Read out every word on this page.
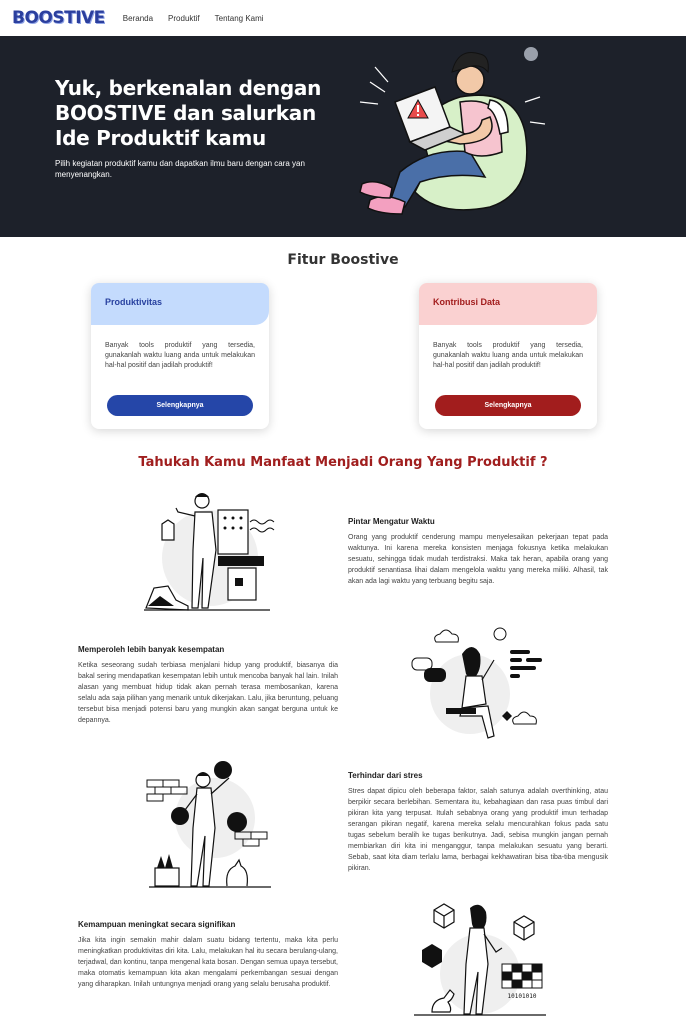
BOOSTIVE Beranda Produktif Tentang Kami
Yuk, berkenalan dengan BOOSTIVE dan salurkan Ide Produktif kamu
Pilih kegiatan produktif kamu dan dapatkan ilmu baru dengan cara yan menyenangkan.
Fitur Boostive
Produktivitas
Banyak tools produktif yang tersedia, gunakanlah waktu luang anda untuk melakukan hal-hal positif dan jadilah produktif!
Selengkapnya
Kontribusi Data
Banyak tools produktif yang tersedia, gunakanlah waktu luang anda untuk melakukan hal-hal positif dan jadilah produktif!
Selengkapnya
Tahukah Kamu Manfaat Menjadi Orang Yang Produktif ?
Pintar Mengatur Waktu
Orang yang produktif cenderung mampu menyelesaikan pekerjaan tepat pada waktunya. Ini karena mereka konsisten menjaga fokusnya ketika melakukan sesuatu, sehingga tidak mudah terdistraksi. Maka tak heran, apabila orang yang produktif senantiasa lihai dalam mengelola waktu yang mereka miliki. Alhasil, tak akan ada lagi waktu yang terbuang begitu saja.
Memperoleh lebih banyak kesempatan
Ketika seseorang sudah terbiasa menjalani hidup yang produktif, biasanya dia bakal sering mendapatkan kesempatan lebih untuk mencoba banyak hal lain. Inilah alasan yang membuat hidup tidak akan pernah terasa membosankan, karena selalu ada saja pilihan yang menarik untuk dikerjakan. Lalu, jika beruntung, peluang tersebut bisa menjadi potensi baru yang mungkin akan sangat berguna untuk ke depannya.
Terhindar dari stres
Stres dapat dipicu oleh beberapa faktor, salah satunya adalah overthinking, atau berpikir secara berlebihan. Sementara itu, kebahagiaan dan rasa puas timbul dari pikiran kita yang terpusat. Itulah sebabnya orang yang produktif imun terhadap serangan pikiran negatif, karena mereka selalu mencurahkan fokus pada satu tugas sebelum beralih ke tugas berikutnya. Jadi, sebisa mungkin jangan pernah membiarkan diri kita ini menganggur, tanpa melakukan sesuatu yang berarti. Sebab, saat kita diam terlalu lama, berbagai kekhawatiran bisa tiba-tiba mengusik pikiran.
Kemampuan meningkat secara signifikan
Jika kita ingin semakin mahir dalam suatu bidang tertentu, maka kita perlu meningkatkan produktivitas diri kita. Lalu, melakukan hal itu secara berulang-ulang, terjadwal, dan kontinu, tanpa mengenal kata bosan. Dengan semua upaya tersebut, maka otomatis kemampuan kita akan mengalami perkembangan sesuai dengan yang diharapkan. Inilah untungnya menjadi orang yang selalu berusaha produktif.
10101010
